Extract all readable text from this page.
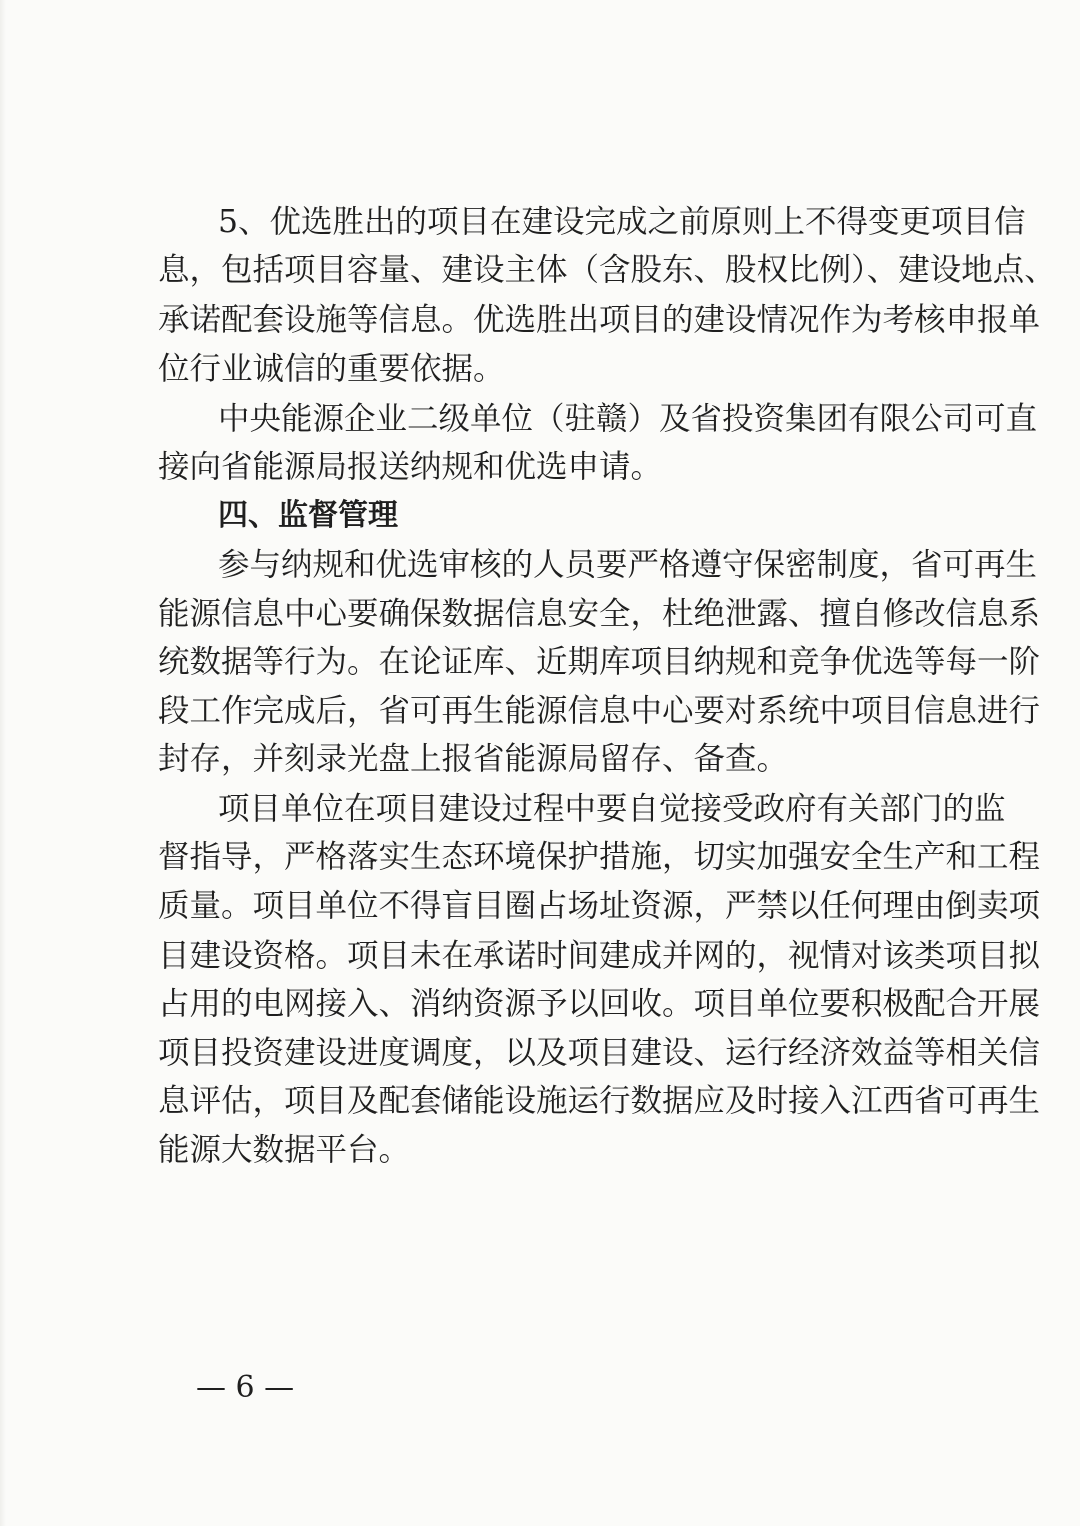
5、优选胜出的项目在建设完成之前原则上不得变更项目信
息，包括项目容量、建设主体（含股东、股权比例）、建设地点、
承诺配套设施等信息。优选胜出项目的建设情况作为考核申报单
位行业诚信的重要依据。
中央能源企业二级单位（驻赣）及省投资集团有限公司可直
接向省能源局报送纳规和优选申请。
四、监督管理
参与纳规和优选审核的人员要严格遵守保密制度，省可再生
能源信息中心要确保数据信息安全，杜绝泄露、擅自修改信息系
统数据等行为。在论证库、近期库项目纳规和竞争优选等每一阶
段工作完成后，省可再生能源信息中心要对系统中项目信息进行
封存，并刻录光盘上报省能源局留存、备查。
项目单位在项目建设过程中要自觉接受政府有关部门的监
督指导，严格落实生态环境保护措施，切实加强安全生产和工程
质量。项目单位不得盲目圈占场址资源，严禁以任何理由倒卖项
目建设资格。项目未在承诺时间建成并网的，视情对该类项目拟
占用的电网接入、消纳资源予以回收。项目单位要积极配合开展
项目投资建设进度调度，以及项目建设、运行经济效益等相关信
息评估，项目及配套储能设施运行数据应及时接入江西省可再生
能源大数据平台。
— 6 —
